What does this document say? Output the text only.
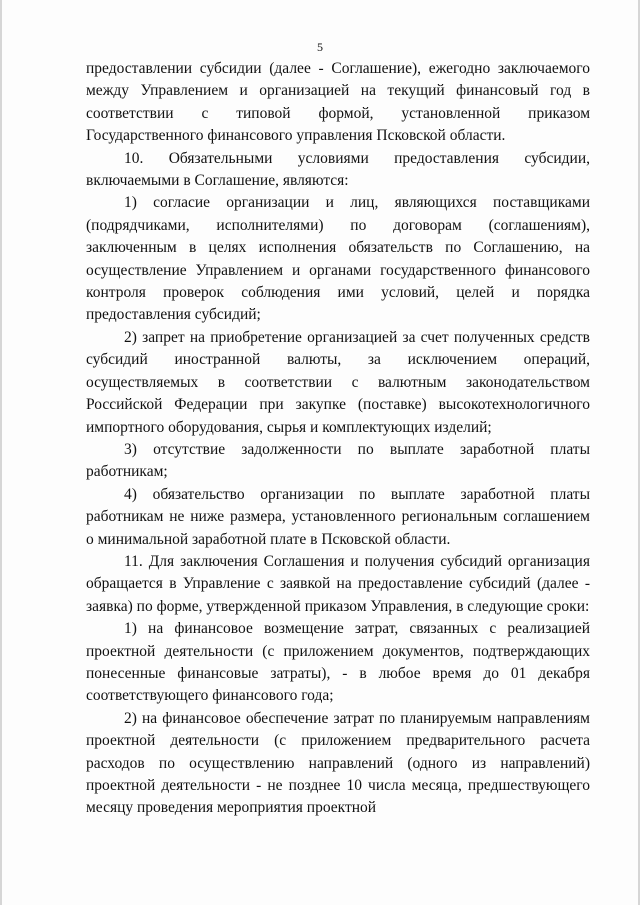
5

предоставлении субсидии (далее - Соглашение), ежегодно заключаемого между Управлением и организацией на текущий финансовый год в соответствии с типовой формой, установленной приказом Государственного финансового управления Псковской области.

10. Обязательными условиями предоставления субсидии, включаемыми в Соглашение, являются:

1) согласие организации и лиц, являющихся поставщиками (подрядчиками, исполнителями) по договорам (соглашениям), заключенным в целях исполнения обязательств по Соглашению, на осуществление Управлением и органами государственного финансового контроля проверок соблюдения ими условий, целей и порядка предоставления субсидий;

2) запрет на приобретение организацией за счет полученных средств субсидий иностранной валюты, за исключением операций, осуществляемых в соответствии с валютным законодательством Российской Федерации при закупке (поставке) высокотехнологичного импортного оборудования, сырья и комплектующих изделий;

3) отсутствие задолженности по выплате заработной платы работникам;

4) обязательство организации по выплате заработной платы работникам не ниже размера, установленного региональным соглашением о минимальной заработной плате в Псковской области.

11. Для заключения Соглашения и получения субсидий организация обращается в Управление с заявкой на предоставление субсидий (далее - заявка) по форме, утвержденной приказом Управления, в следующие сроки:

1) на финансовое возмещение затрат, связанных с реализацией проектной деятельности (с приложением документов, подтверждающих понесенные финансовые затраты), - в любое время до 01 декабря соответствующего финансового года;

2) на финансовое обеспечение затрат по планируемым направлениям проектной деятельности (с приложением предварительного расчета расходов по осуществлению направлений (одного из направлений) проектной деятельности - не позднее 10 числа месяца, предшествующего месяцу проведения мероприятия проектной
